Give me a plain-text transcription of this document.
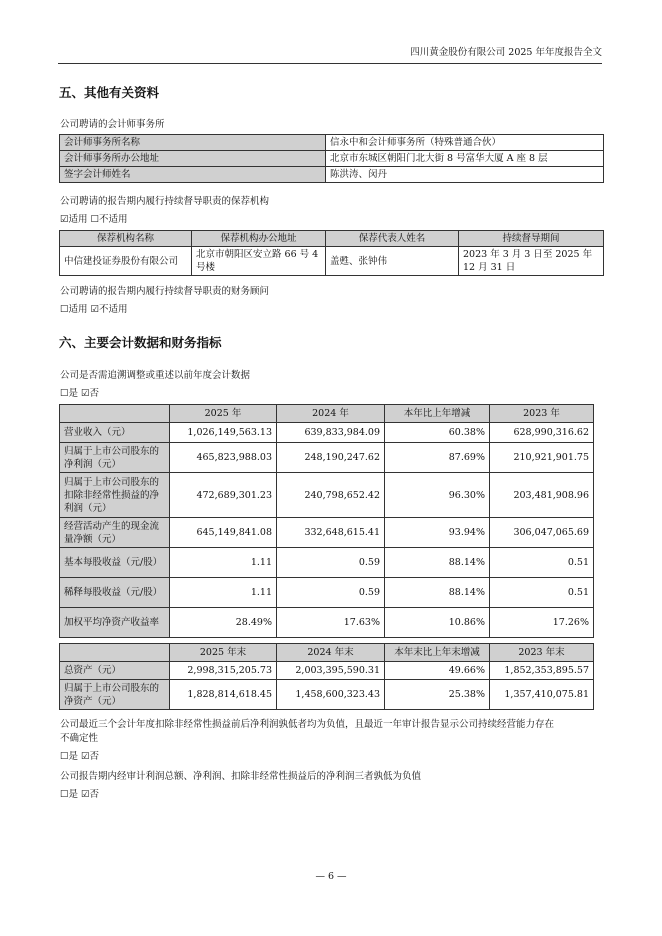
四川黄金股份有限公司 2025 年年度报告全文
五、其他有关资料
公司聘请的会计师事务所
会计师事务所名称	信永中和会计师事务所（特殊普通合伙）
会计师事务所办公地址	北京市东城区朝阳门北大街 8 号富华大厦 A 座 8 层
签字会计师姓名	陈洪涛、闵丹
公司聘请的报告期内履行持续督导职责的保荐机构
☑适用 ☐不适用
保荐机构名称	保荐机构办公地址	保荐代表人姓名	持续督导期间
中信建投证券股份有限公司	北京市朝阳区安立路 66 号 4 号楼	盖甦、张钟伟	2023 年 3 月 3 日至 2025 年 12 月 31 日
公司聘请的报告期内履行持续督导职责的财务顾问
☐适用 ☑不适用
六、主要会计数据和财务指标
公司是否需追溯调整或重述以前年度会计数据
☐是 ☑否
	2025 年	2024 年	本年比上年增减	2023 年
营业收入（元）	1,026,149,563.13	639,833,984.09	60.38%	628,990,316.62
归属于上市公司股东的净利润（元）	465,823,988.03	248,190,247.62	87.69%	210,921,901.75
归属于上市公司股东的扣除非经常性损益的净利润（元）	472,689,301.23	240,798,652.42	96.30%	203,481,908.96
经营活动产生的现金流量净额（元）	645,149,841.08	332,648,615.41	93.94%	306,047,065.69
基本每股收益（元/股）	1.11	0.59	88.14%	0.51
稀释每股收益（元/股）	1.11	0.59	88.14%	0.51
加权平均净资产收益率	28.49%	17.63%	10.86%	17.26%
	2025 年末	2024 年末	本年末比上年末增减	2023 年末
总资产（元）	2,998,315,205.73	2,003,395,590.31	49.66%	1,852,353,895.57
归属于上市公司股东的净资产（元）	1,828,814,618.45	1,458,600,323.43	25.38%	1,357,410,075.81
公司最近三个会计年度扣除非经常性损益前后净利润孰低者均为负值，且最近一年审计报告显示公司持续经营能力存在
不确定性
☐是 ☑否
公司报告期内经审计利润总额、净利润、扣除非经常性损益后的净利润三者孰低为负值
☐是 ☑否
— 6 —
